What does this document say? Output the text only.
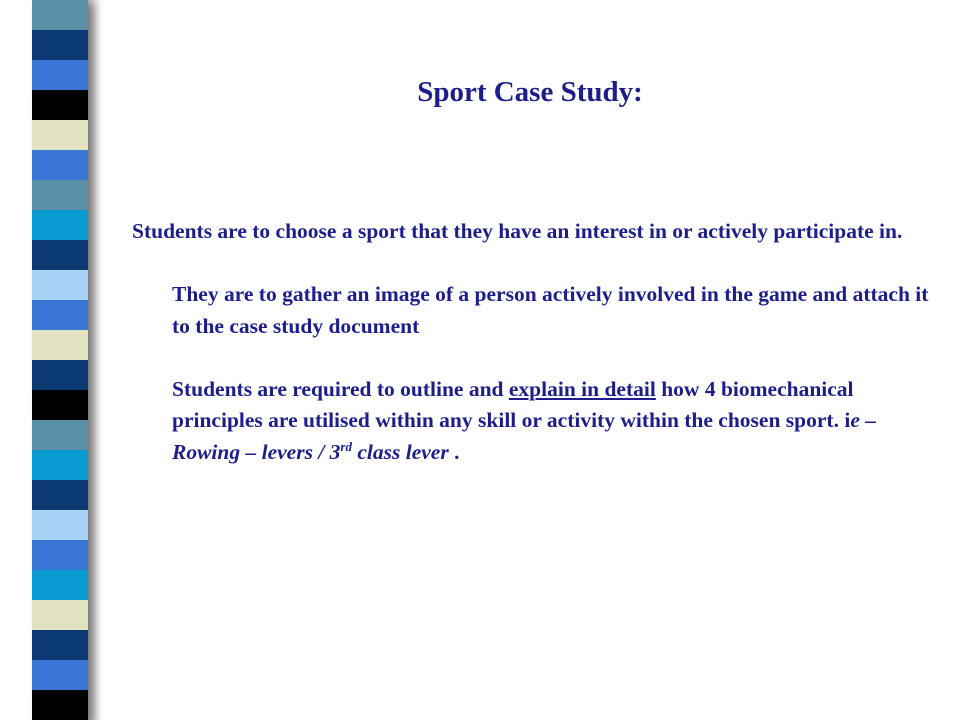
Sport Case Study:

Students are to choose a sport that they have an interest in or actively participate in.

They are to gather an image of a person actively involved in the game and attach it to the case study document

Students are required to outline and explain in detail how 4 biomechanical principles are utilised within any skill or activity within the chosen sport. ie –Rowing – levers / 3rd class lever .
